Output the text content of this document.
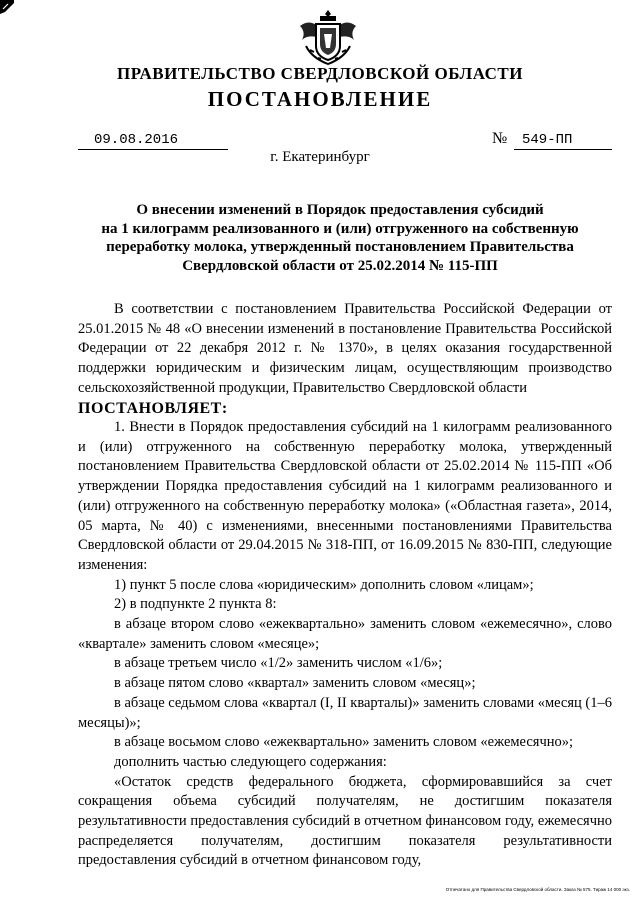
ПРАВИТЕЛЬСТВО СВЕРДЛОВСКОЙ ОБЛАСТИ
ПОСТАНОВЛЕНИЕ
09.08.2016	№	549-ПП
г. Екатеринбург
О внесении изменений в Порядок предоставления субсидий
на 1 килограмм реализованного и (или) отгруженного на собственную
переработку молока, утвержденный постановлением Правительства
Свердловской области от 25.02.2014 № 115-ПП

В соответствии с постановлением Правительства Российской Федерации от 25.01.2015 № 48 «О внесении изменений в постановление Правительства Российской Федерации от 22 декабря 2012 г. № 1370», в целях оказания государственной поддержки юридическим и физическим лицам, осуществляющим производство сельскохозяйственной продукции, Правительство Свердловской области

ПОСТАНОВЛЯЕТ:

1. Внести в Порядок предоставления субсидий на 1 килограмм реализованного и (или) отгруженного на собственную переработку молока, утвержденный постановлением Правительства Свердловской области от 25.02.2014 № 115-ПП «Об утверждении Порядка предоставления субсидий на 1 килограмм реализованного и (или) отгруженного на собственную переработку молока» («Областная газета», 2014, 05 марта, № 40) с изменениями, внесенными постановлениями Правительства Свердловской области от 29.04.2015 № 318-ПП, от 16.09.2015 № 830-ПП, следующие изменения:

1) пункт 5 после слова «юридическим» дополнить словом «лицам»;

2) в подпункте 2 пункта 8:

в абзаце втором слово «ежеквартально» заменить словом «ежемесячно», слово «квартале» заменить словом «месяце»;

в абзаце третьем число «1/2» заменить числом «1/6»;

в абзаце пятом слово «квартал» заменить словом «месяц»;

в абзаце седьмом слова «квартал (I, II кварталы)» заменить словами «месяц (1–6 месяцы)»;

в абзаце восьмом слово «ежеквартально» заменить словом «ежемесячно»;

дополнить частью следующего содержания:

«Остаток средств федерального бюджета, сформировавшийся за счет сокращения объема субсидий получателям, не достигшим показателя результативности предоставления субсидий в отчетном финансовом году, ежемесячно распределяется получателям, достигшим показателя результативности предоставления субсидий в отчетном финансовом году,

Отпечатано для Правительства Свердловской области. Заказ № 575. Тираж 14 000 экз.
